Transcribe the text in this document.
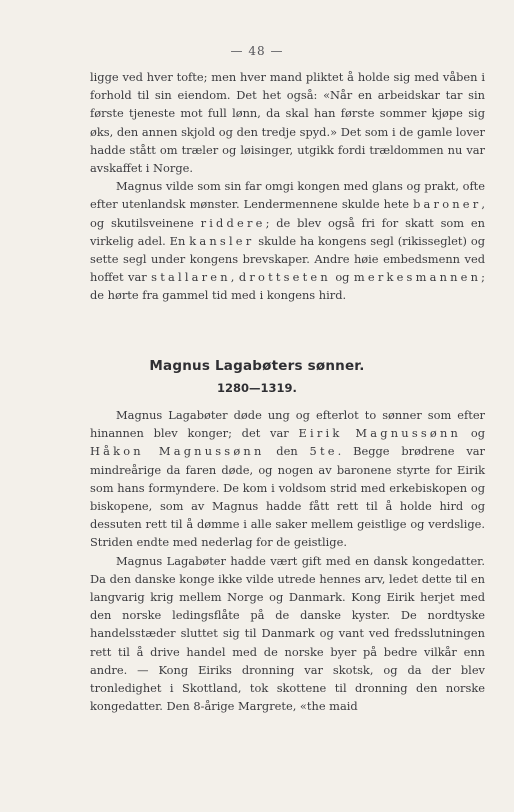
— 48 —

ligge ved hver tofte; men hver mand pliktet å holde sig med våben i forhold til sin eiendom. Det het også: «Når en arbeidskar tar sin første tjeneste mot full lønn, da skal han første sommer kjøpe sig øks, den annen skjold og den tredje spyd.» Det som i de gamle lover hadde stått om træler og løisinger, utgikk fordi trældommen nu var avskaffet i Norge.

Magnus vilde som sin far omgi kongen med glans og prakt, ofte efter utenlandsk mønster. Lendermennene skulde hete baroner, og skutilsveinene riddere; de blev også fri for skatt som en virkelig adel. En kansler skulde ha kongens segl (rikisseglet) og sette segl under kongens brevskaper. Andre høie embedsmenn ved hoffet var stallaren, drottseten og merkesmannen; de hørte fra gammel tid med i kongens hird.

Magnus Lagabøters sønner.
1280—1319.

Magnus Lagabøter døde ung og efterlot to sønner som efter hinannen blev konger; det var Eirik Magnussønn og Håkon Magnussønn den 5te. Begge brødrene var mindreårige da faren døde, og nogen av baronene styrte for Eirik som hans formyndere. De kom i voldsom strid med erkebiskopen og biskopene, som av Magnus hadde fått rett til å holde hird og dessuten rett til å dømme i alle saker mellem geistlige og verdslige. Striden endte med nederlag for de geistlige.

Magnus Lagabøter hadde vært gift med en dansk kongedatter. Da den danske konge ikke vilde utrede hennes arv, ledet dette til en langvarig krig mellem Norge og Danmark. Kong Eirik herjet med den norske ledingsflåte på de danske kyster. De nordtyske handelsstæder sluttet sig til Danmark og vant ved fredsslutningen rett til å drive handel med de norske byer på bedre vilkår enn andre. — Kong Eiriks dronning var skotsk, og da der blev tronledighet i Skottland, tok skottene til dronning den norske kongedatter. Den 8-årige Margrete, «the maid
